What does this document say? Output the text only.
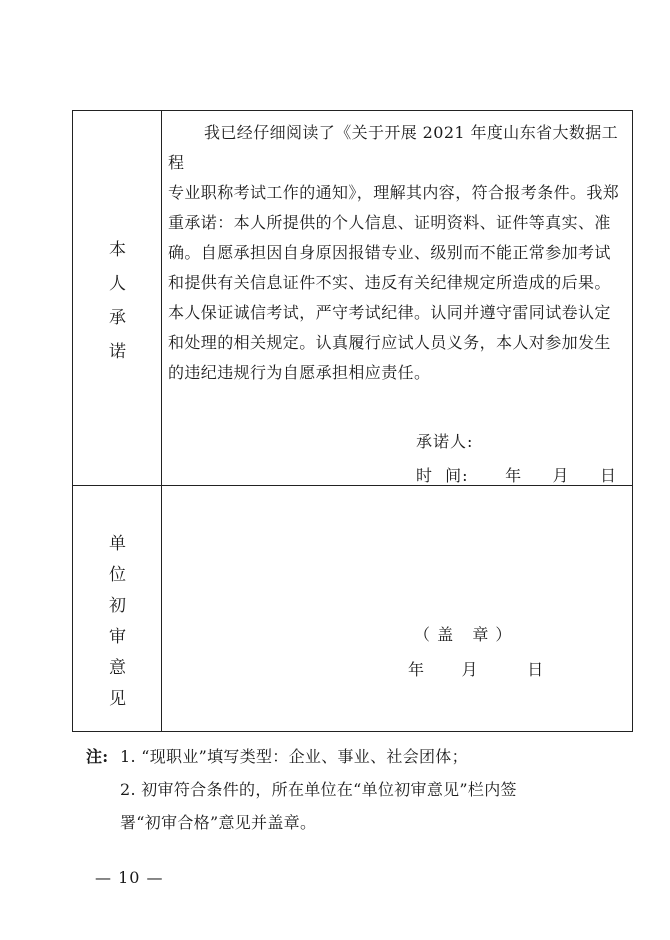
本
人
承
诺

我已经仔细阅读了《关于开展 2021 年度山东省大数据工程

专业职称考试工作的通知》，理解其内容，符合报考条件。我郑

重承诺：本人所提供的个人信息、证明资料、证件等真实、准

确。自愿承担因自身原因报错专业、级别而不能正常参加考试

和提供有关信息证件不实、违反有关纪律规定所造成的后果。

本人保证诚信考试，严守考试纪律。认同并遵守雷同试卷认定

和处理的相关规定。认真履行应试人员义务，本人对参加发生

的违纪违规行为自愿承担相应责任。

承诺人:
时  间:      年     月     日
单
位
初
审
意
见
（ 盖   章 ）
年      月        日
注: 1. “现职业”填写类型：企业、事业、社会团体；
2. 初审符合条件的，所在单位在“单位初审意见”栏内签
署“初审合格”意见并盖章。
— 10 —
